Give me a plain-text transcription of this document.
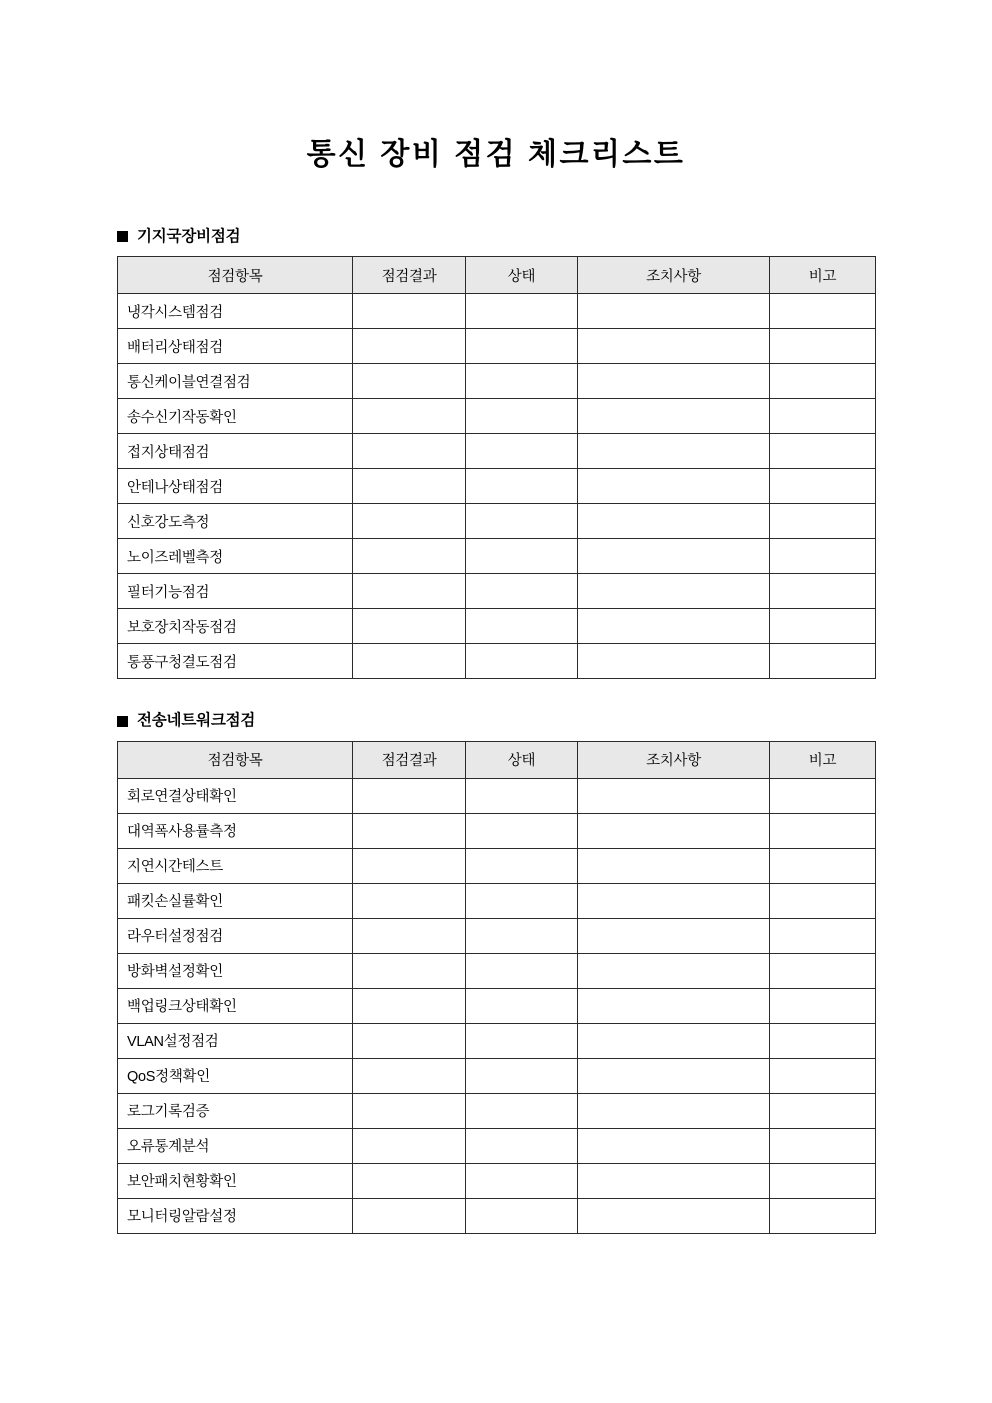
통신 장비 점검 체크리스트
기지국장비점검
점검항목	점검결과	상태	조치사항	비고
냉각시스템점검				
배터리상태점검				
통신케이블연결점검				
송수신기작동확인				
접지상태점검				
안테나상태점검				
신호강도측정				
노이즈레벨측정				
필터기능점검				
보호장치작동점검				
통풍구청결도점검				
전송네트워크점검
점검항목	점검결과	상태	조치사항	비고
회로연결상태확인				
대역폭사용률측정				
지연시간테스트				
패킷손실률확인				
라우터설정점검				
방화벽설정확인				
백업링크상태확인				
VLAN설정점검				
QoS정책확인				
로그기록검증				
오류통계분석				
보안패치현황확인				
모니터링알람설정				
